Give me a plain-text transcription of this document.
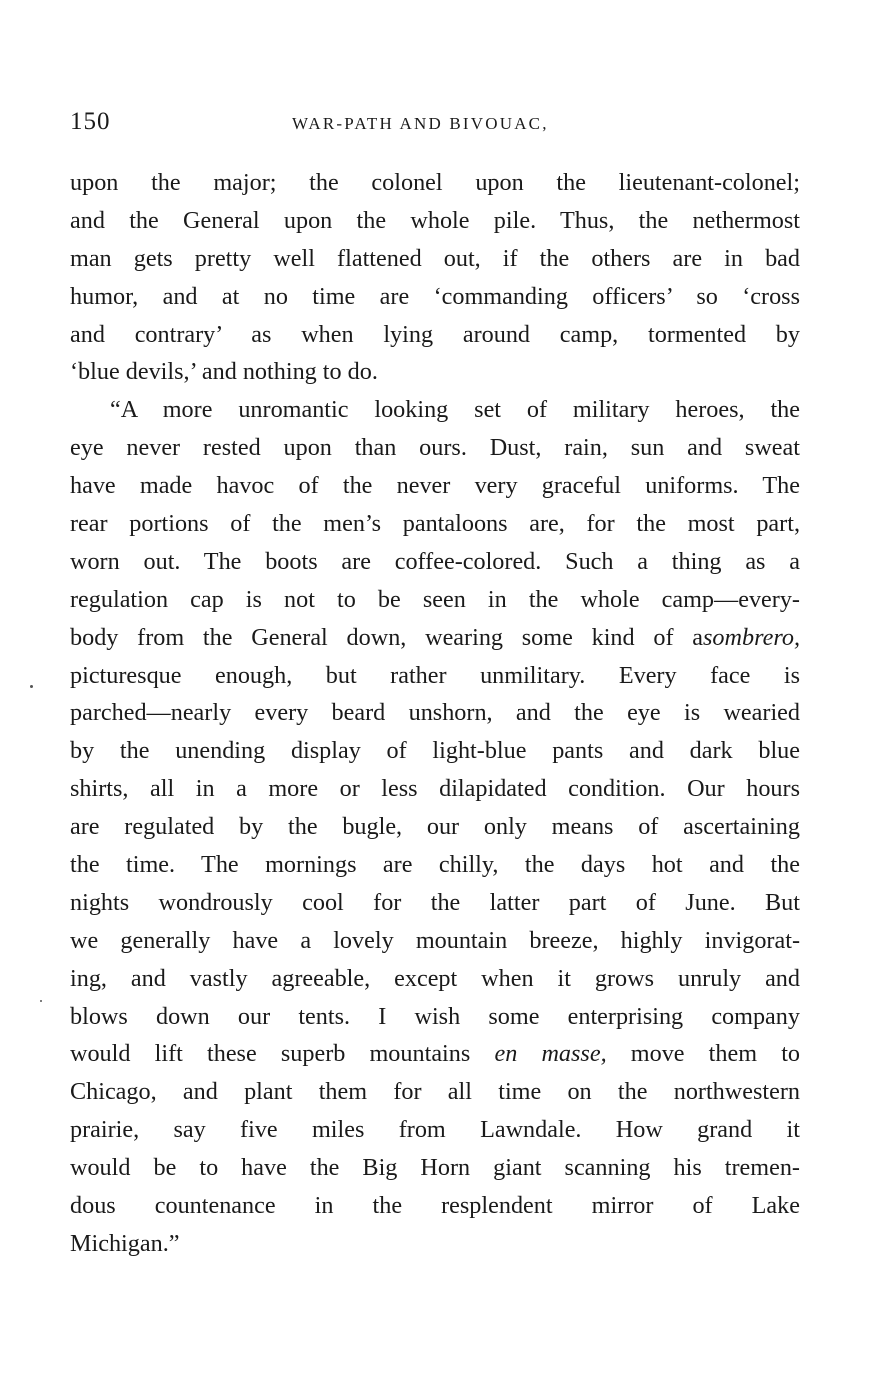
150	WAR-PATH AND BIVOUAC,
upon the major; the colonel upon the lieutenant-colonel;
and the General upon the whole pile. Thus, the nethermost
man gets pretty well flattened out, if the others are in bad
humor, and at no time are ‘commanding officers’ so ‘cross
and contrary’ as when lying around camp, tormented by
‘blue devils,’ and nothing to do.
“A more unromantic looking set of military heroes, the
eye never rested upon than ours. Dust, rain, sun and sweat
have made havoc of the never very graceful uniforms. The
rear portions of the men’s pantaloons are, for the most part,
worn out. The boots are coffee-colored. Such a thing as a
regulation cap is not to be seen in the whole camp—every-
body from the General down, wearing some kind of asombrero,
picturesque enough, but rather unmilitary. Every face is
parched—nearly every beard unshorn, and the eye is wearied
by the unending display of light-blue pants and dark blue
shirts, all in a more or less dilapidated condition. Our hours
are regulated by the bugle, our only means of ascertaining
the time. The mornings are chilly, the days hot and the
nights wondrously cool for the latter part of June. But
we generally have a lovely mountain breeze, highly invigorat-
ing, and vastly agreeable, except when it grows unruly and
blows down our tents. I wish some enterprising company
would lift these superb mountains en masse, move them to
Chicago, and plant them for all time on the northwestern
prairie, say five miles from Lawndale. How grand it
would be to have the Big Horn giant scanning his tremen-
dous countenance in the resplendent mirror of Lake
Michigan.”
